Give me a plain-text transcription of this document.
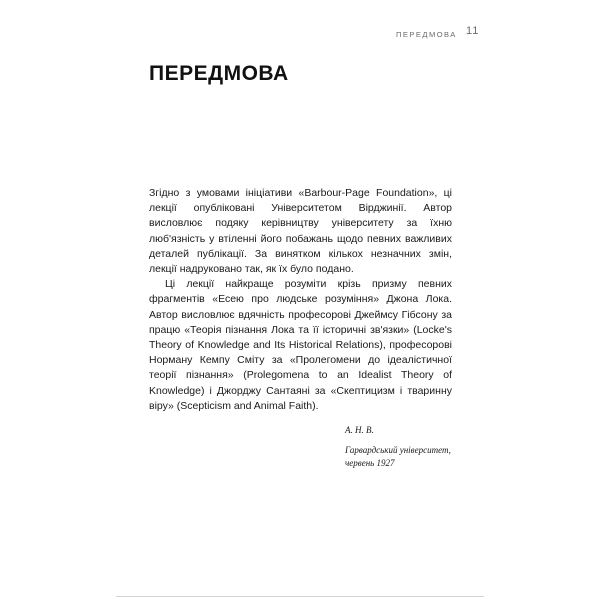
ПЕРЕДМОВА 11
ПЕРЕДМОВА

Згідно з умовами ініціативи «Barbour-Page Foundation», ці лекції опубліковані Університетом Вірджинії. Автор висловлює подяку керівництву університету за їхню люб'язність у втіленні його побажань щодо певних важливих деталей публікації. За винятком кількох незначних змін, лекції надруковано так, як їх було подано.

Ці лекції найкраще розуміти крізь призму певних фрагментів «Есею про людське розуміння» Джона Лока. Автор висловлює вдячність професорові Джеймсу Гібсону за працю «Теорія пізнання Лока та її історичні зв'язки» (Locke's Theory of Knowledge and Its Historical Relations), професорові Норману Кемпу Сміту за «Пролегомени до ідеалістичної теорії пізнання» (Prolegomena to an Idealist Theory of Knowledge) і Джорджу Сантаяні за «Скептицизм і тваринну віру» (Scepticism and Animal Faith).

А. Н. В.
Гарвардський університет,
червень 1927
